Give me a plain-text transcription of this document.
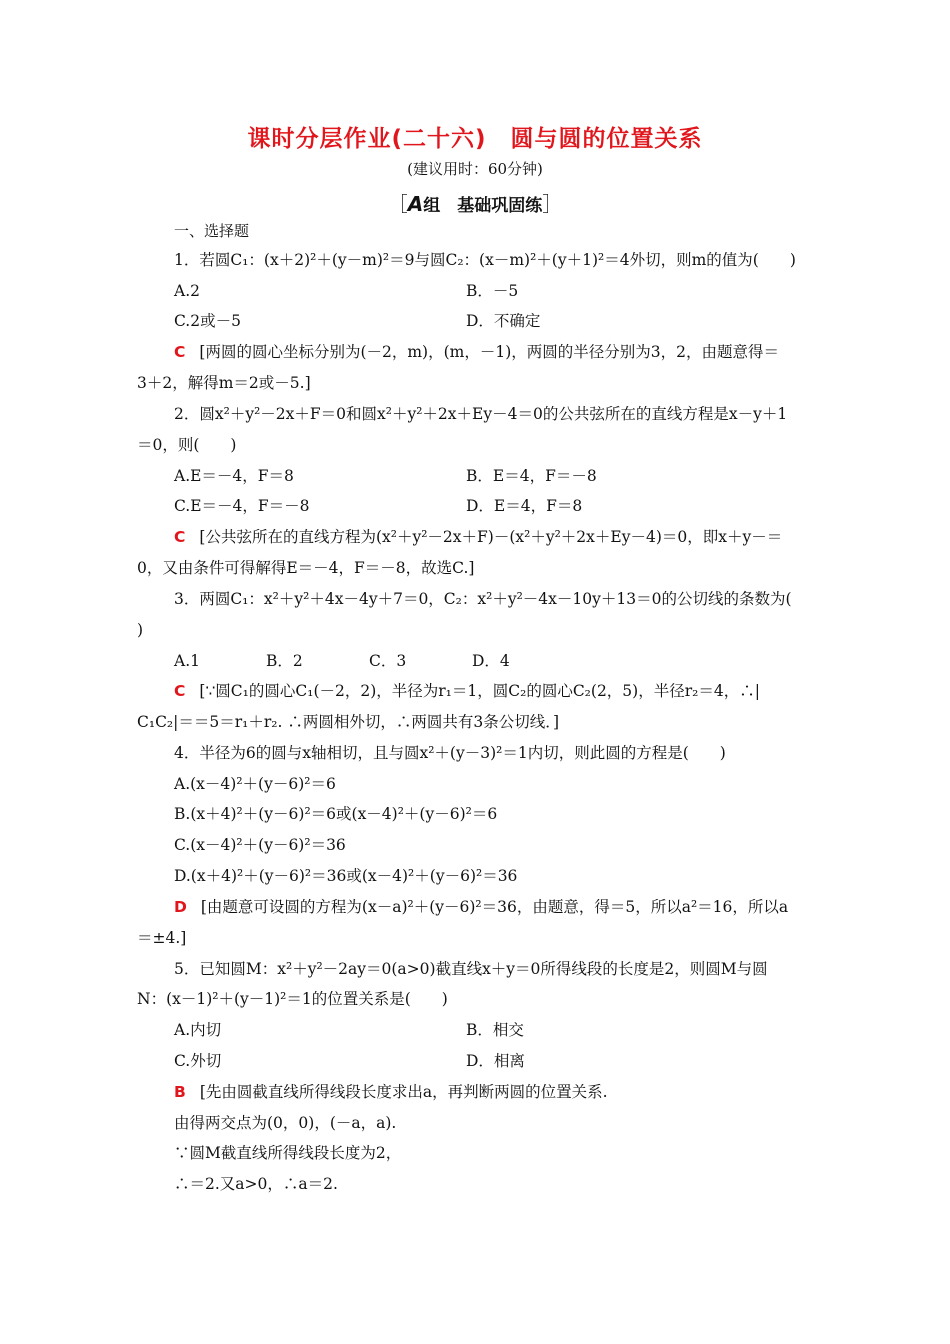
课时分层作业(二十六)　圆与圆的位置关系
(建议用时：60分钟)
［A组　基础巩固练］
一、选择题
1．若圆C₁：(x＋2)²＋(y－m)²＝9与圆C₂：(x－m)²＋(y＋1)²＝4外切，则m的值为(　　)
A.2	B．－5
C.2或－5	D．不确定
C [两圆的圆心坐标分别为(－2，m)，(m，－1)，两圆的半径分别为3，2，由题意得＝
3＋2，解得m＝2或－5.]
2．圆x²＋y²－2x＋F＝0和圆x²＋y²＋2x＋Ey－4＝0的公共弦所在的直线方程是x－y＋1
＝0，则(　　)
A.E＝－4，F＝8	B．E＝4，F＝－8
C.E＝－4，F＝－8	D．E＝4，F＝8
C [公共弦所在的直线方程为(x²＋y²－2x＋F)－(x²＋y²＋2x＋Ey－4)＝0，即x＋y－＝
0，又由条件可得解得E＝－4，F＝－8，故选C.]
3．两圆C₁：x²＋y²＋4x－4y＋7＝0，C₂：x²＋y²－4x－10y＋13＝0的公切线的条数为(
)
A.1	B．2	C．3	D．4
C [∵圆C₁的圆心C₁(－2，2)，半径为r₁＝1，圆C₂的圆心C₂(2，5)，半径r₂＝4，∴|
C₁C₂|＝＝5＝r₁＋r₂. ∴两圆相外切，∴两圆共有3条公切线．]
4．半径为6的圆与x轴相切，且与圆x²＋(y－3)²＝1内切，则此圆的方程是(　　)
A.(x－4)²＋(y－6)²＝6
B.(x＋4)²＋(y－6)²＝6或(x－4)²＋(y－6)²＝6
C.(x－4)²＋(y－6)²＝36
D.(x＋4)²＋(y－6)²＝36或(x－4)²＋(y－6)²＝36
D [由题意可设圆的方程为(x－a)²＋(y－6)²＝36，由题意，得＝5，所以a²＝16，所以a
＝±4.]
5．已知圆M：x²＋y²－2ay＝0(a>0)截直线x＋y＝0所得线段的长度是2，则圆M与圆
N：(x－1)²＋(y－1)²＝1的位置关系是(　　)
A.内切	B．相交
C.外切	D．相离
B [先由圆截直线所得线段长度求出a，再判断两圆的位置关系.
由得两交点为(0，0)，(－a，a).
∵圆M截直线所得线段长度为2，
∴＝2.又a>0，∴a＝2.
